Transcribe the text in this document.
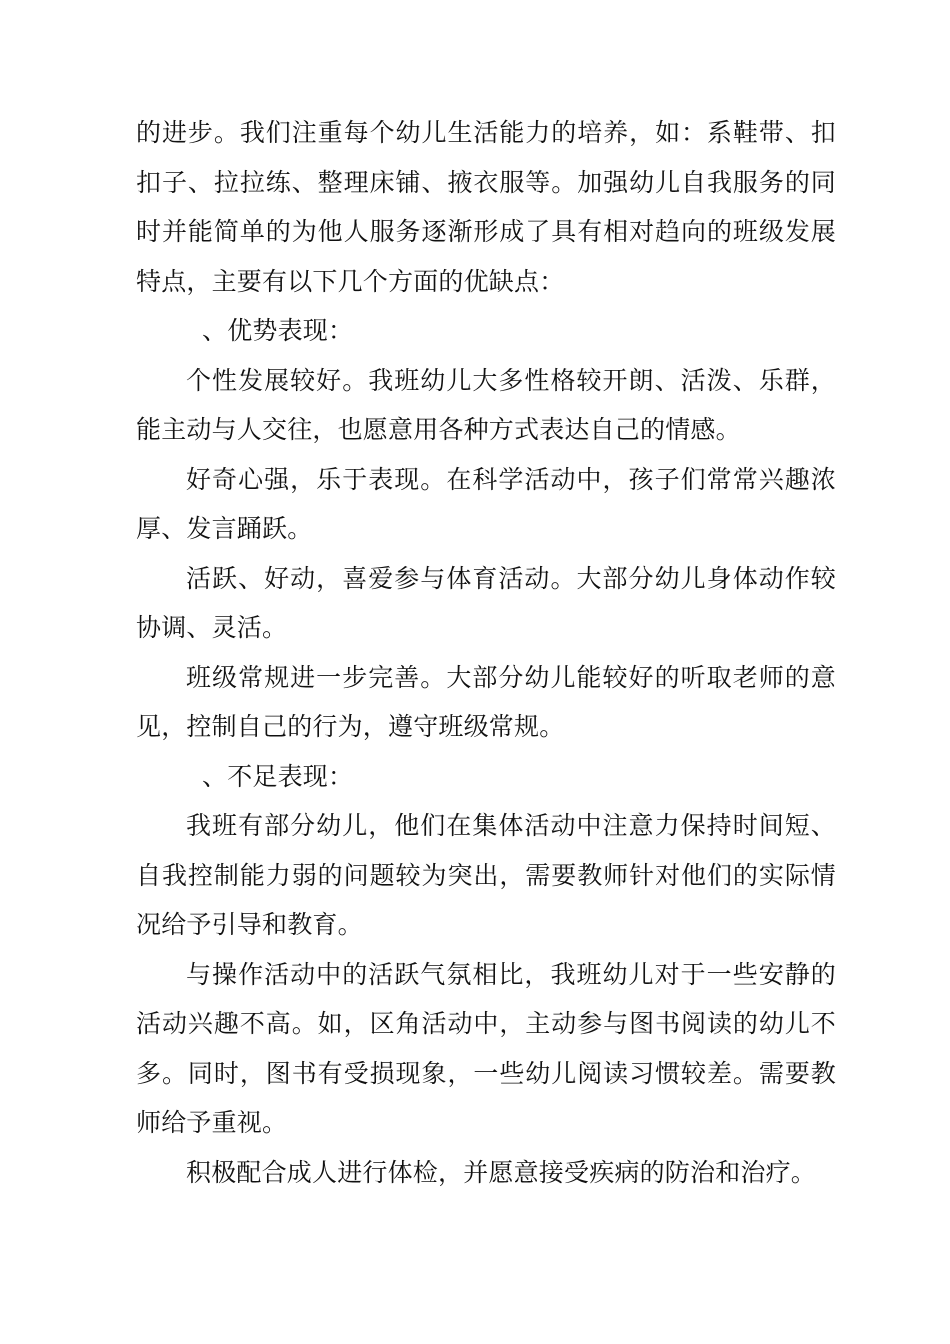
的进步。我们注重每个幼儿生活能力的培养，如：系鞋带、扣扣子、拉拉练、整理床铺、掖衣服等。加强幼儿自我服务的同时并能简单的为他人服务逐渐形成了具有相对趋向的班级发展特点，主要有以下几个方面的优缺点：

、优势表现：

个性发展较好。我班幼儿大多性格较开朗、活泼、乐群，能主动与人交往，也愿意用各种方式表达自己的情感。

好奇心强，乐于表现。在科学活动中，孩子们常常兴趣浓厚、发言踊跃。

活跃、好动，喜爱参与体育活动。大部分幼儿身体动作较协调、灵活。

班级常规进一步完善。大部分幼儿能较好的听取老师的意见，控制自己的行为，遵守班级常规。

、不足表现：

我班有部分幼儿，他们在集体活动中注意力保持时间短、自我控制能力弱的问题较为突出，需要教师针对他们的实际情况给予引导和教育。

与操作活动中的活跃气氛相比，我班幼儿对于一些安静的活动兴趣不高。如，区角活动中，主动参与图书阅读的幼儿不多。同时，图书有受损现象，一些幼儿阅读习惯较差。需要教师给予重视。

积极配合成人进行体检，并愿意接受疾病的防治和治疗。
